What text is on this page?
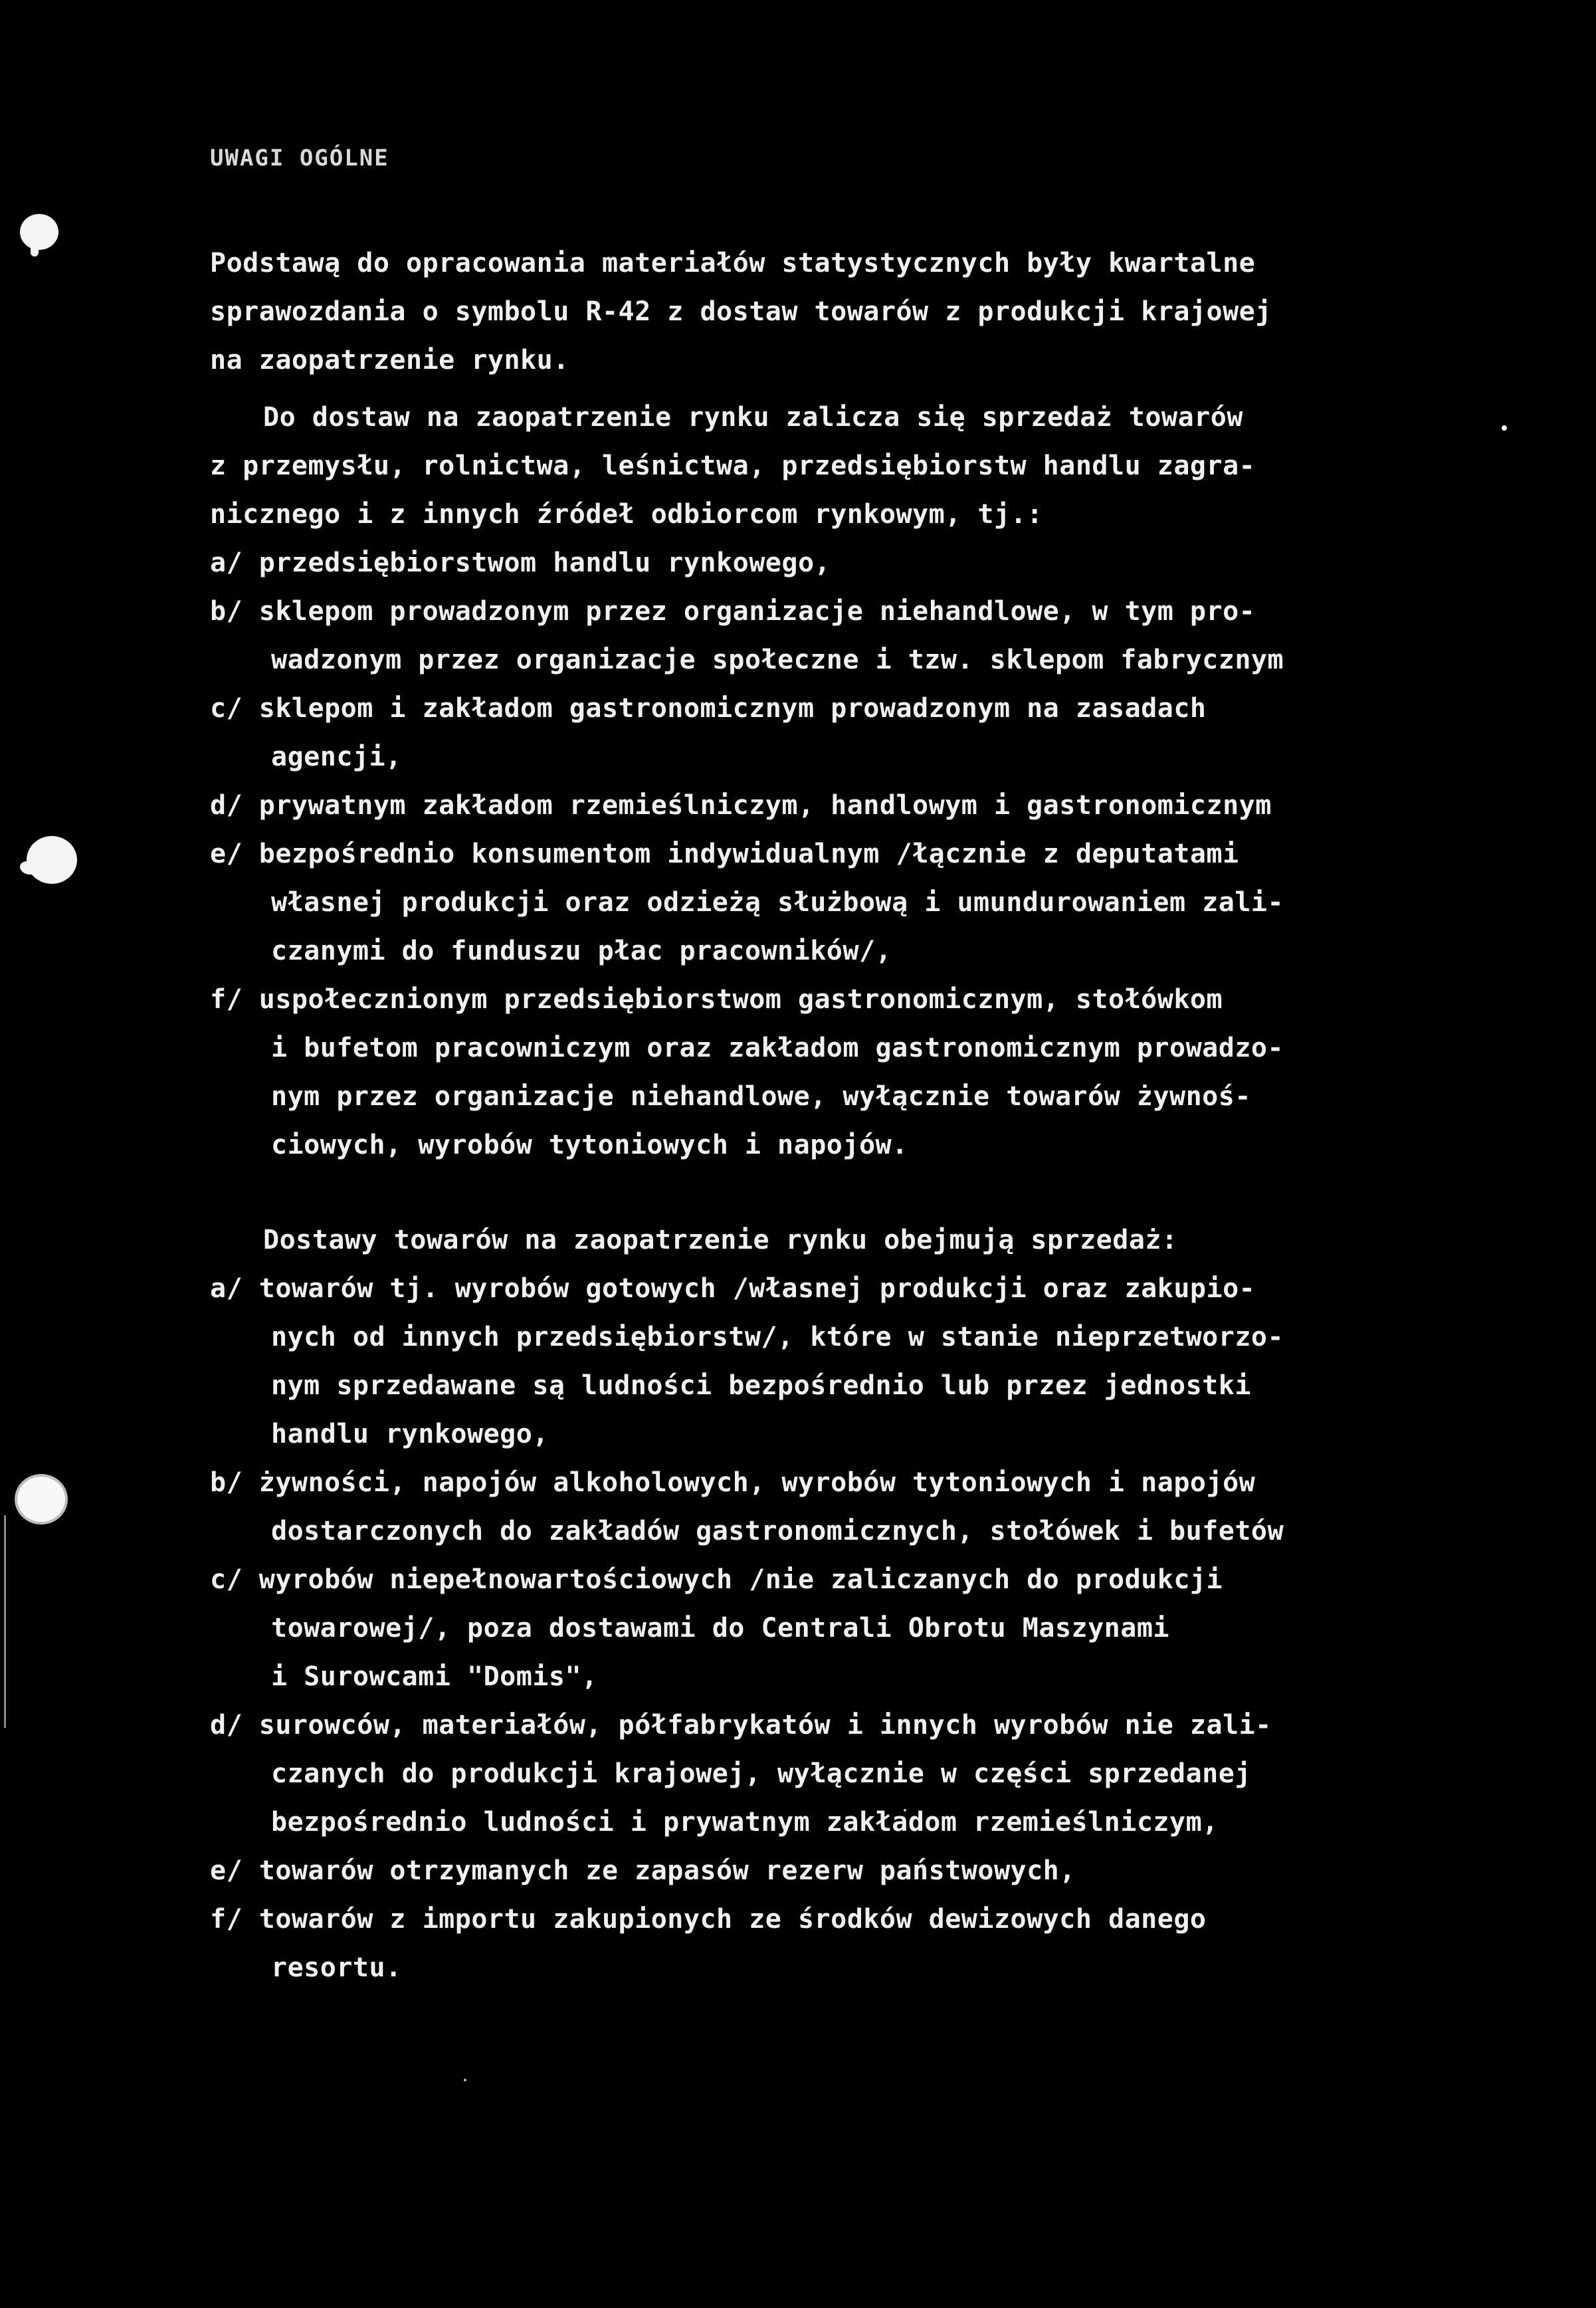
UWAGI OGÓLNE
Podstawą do opracowania materiałów statystycznych były kwartalne
sprawozdania o symbolu R-42 z dostaw towarów z produkcji krajowej
na zaopatrzenie rynku.
Do dostaw na zaopatrzenie rynku zalicza się sprzedaż towarów
z przemysłu, rolnictwa, leśnictwa, przedsiębiorstw handlu zagra-
nicznego i z innych źródeł odbiorcom rynkowym, tj.:
a/ przedsiębiorstwom handlu rynkowego,
b/ sklepom prowadzonym przez organizacje niehandlowe, w tym pro-
wadzonym przez organizacje społeczne i tzw. sklepom fabrycznym
c/ sklepom i zakładom gastronomicznym prowadzonym na zasadach
agencji,
d/ prywatnym zakładom rzemieślniczym, handlowym i gastronomicznym
e/ bezpośrednio konsumentom indywidualnym /łącznie z deputatami
własnej produkcji oraz odzieżą służbową i umundurowaniem zali-
czanymi do funduszu płac pracowników/,
f/ uspołecznionym przedsiębiorstwom gastronomicznym, stołówkom
i bufetom pracowniczym oraz zakładom gastronomicznym prowadzo-
nym przez organizacje niehandlowe, wyłącznie towarów żywnoś-
ciowych, wyrobów tytoniowych i napojów.
Dostawy towarów na zaopatrzenie rynku obejmują sprzedaż:
a/ towarów tj. wyrobów gotowych /własnej produkcji oraz zakupio-
nych od innych przedsiębiorstw/, które w stanie nieprzetworzo-
nym sprzedawane są ludności bezpośrednio lub przez jednostki
handlu rynkowego,
b/ żywności, napojów alkoholowych, wyrobów tytoniowych i napojów
dostarczonych do zakładów gastronomicznych, stołówek i bufetów
c/ wyrobów niepełnowartościowych /nie zaliczanych do produkcji
towarowej/, poza dostawami do Centrali Obrotu Maszynami
i Surowcami "Domis",
d/ surowców, materiałów, półfabrykatów i innych wyrobów nie zali-
czanych do produkcji krajowej, wyłącznie w części sprzedanej
bezpośrednio ludności i prywatnym zakładom rzemieślniczym,
e/ towarów otrzymanych ze zapasów rezerw państwowych,
f/ towarów z importu zakupionych ze środków dewizowych danego
resortu.
